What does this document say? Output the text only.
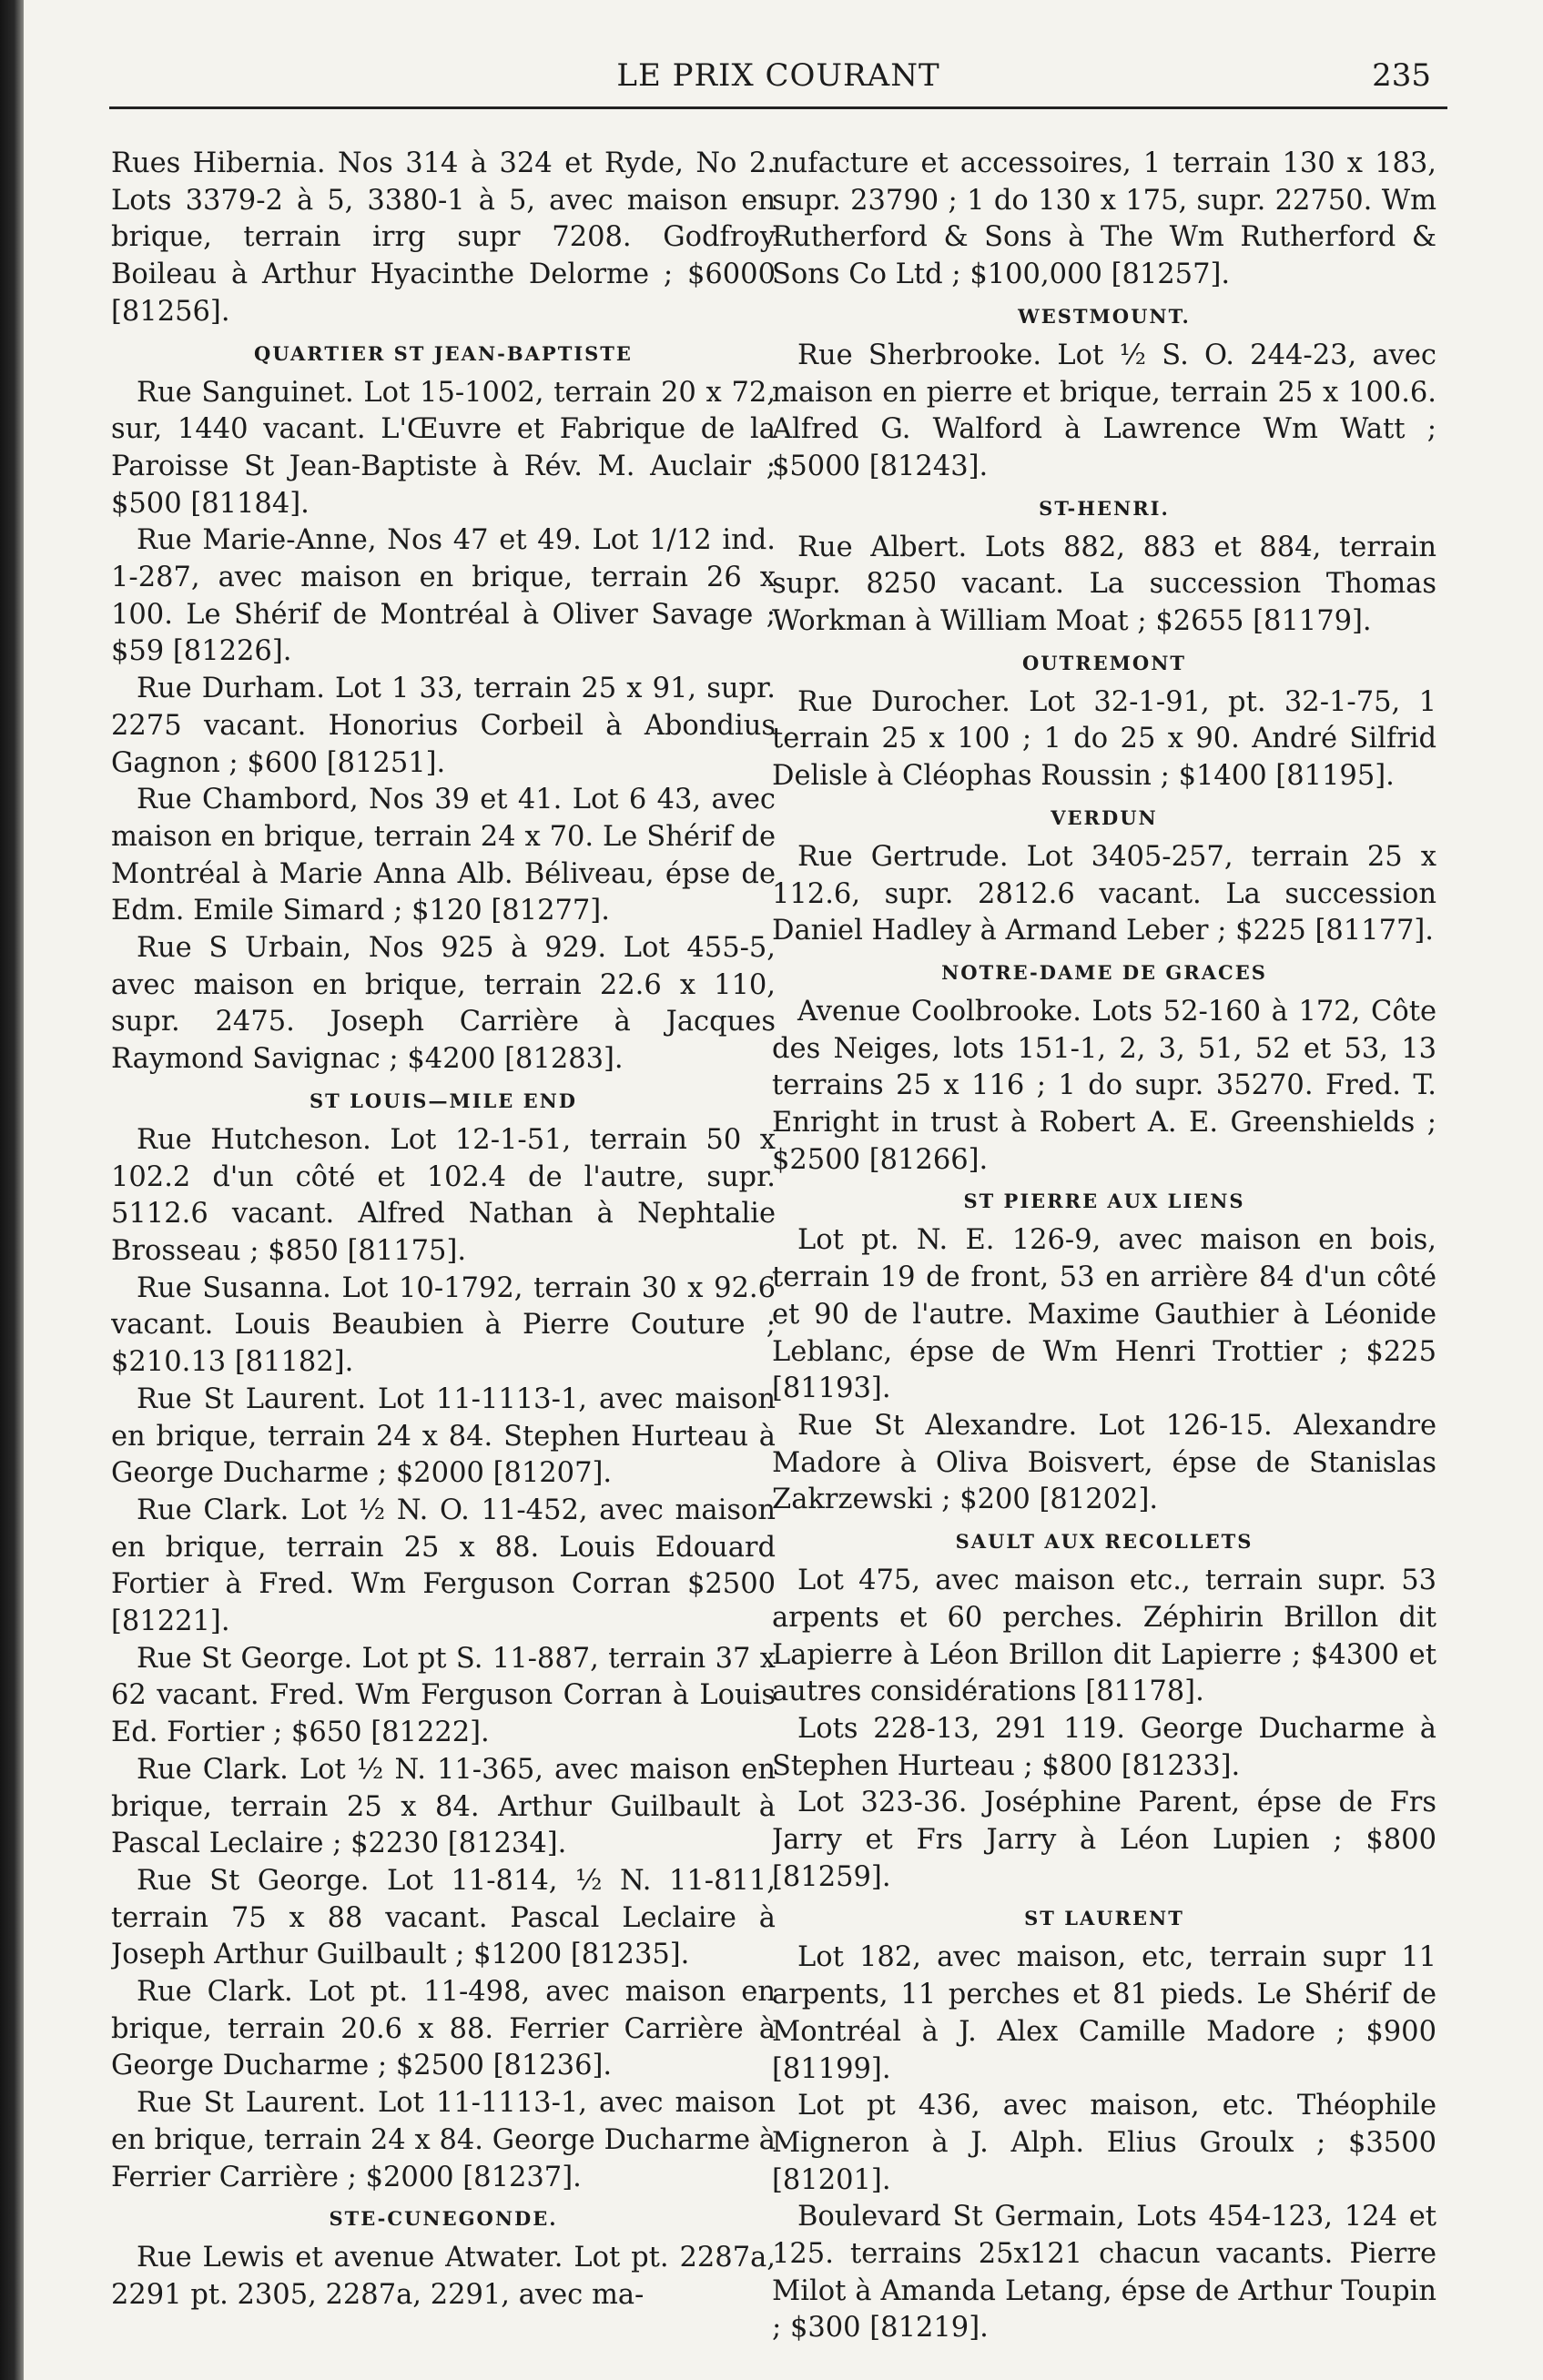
LE PRIX COURANT	235

Rues Hibernia. Nos 314 à 324 et Ryde, No 2. Lots 3379-2 à 5, 3380-1 à 5, avec maison en brique, terrain irrg supr 7208. Godfroy Boileau à Arthur Hyacinthe Delorme ; $6000 [81256].

QUARTIER ST JEAN-BAPTISTE

Rue Sanguinet. Lot 15-1002, terrain 20 x 72, sur, 1440 vacant. L'Œuvre et Fabrique de la Paroisse St Jean-Baptiste à Rév. M. Auclair ; $500 [81184].

Rue Marie-Anne, Nos 47 et 49. Lot 1/12 ind. 1-287, avec maison en brique, terrain 26 x 100. Le Shérif de Montréal à Oliver Savage ; $59 [81226].

Rue Durham. Lot 1 33, terrain 25 x 91, supr. 2275 vacant. Honorius Corbeil à Abondius Gagnon ; $600 [81251].

Rue Chambord, Nos 39 et 41. Lot 6 43, avec maison en brique, terrain 24 x 70. Le Shérif de Montréal à Marie Anna Alb. Béliveau, épse de Edm. Emile Simard ; $120 [81277].

Rue S Urbain, Nos 925 à 929. Lot 455-5, avec maison en brique, terrain 22.6 x 110, supr. 2475. Joseph Carrière à Jacques Raymond Savignac ; $4200 [81283].

ST LOUIS—MILE END

Rue Hutcheson. Lot 12-1-51, terrain 50 x 102.2 d'un côté et 102.4 de l'autre, supr. 5112.6 vacant. Alfred Nathan à Nephtalie Brosseau ; $850 [81175].

Rue Susanna. Lot 10-1792, terrain 30 x 92.6 vacant. Louis Beaubien à Pierre Couture ; $210.13 [81182].

Rue St Laurent. Lot 11-1113-1, avec maison en brique, terrain 24 x 84. Stephen Hurteau à George Ducharme ; $2000 [81207].

Rue Clark. Lot ½ N. O. 11-452, avec maison en brique, terrain 25 x 88. Louis Edouard Fortier à Fred. Wm Ferguson Corran $2500 [81221].

Rue St George. Lot pt S. 11-887, terrain 37 x 62 vacant. Fred. Wm Ferguson Corran à Louis Ed. Fortier ; $650 [81222].

Rue Clark. Lot ½ N. 11-365, avec maison en brique, terrain 25 x 84. Arthur Guilbault à Pascal Leclaire ; $2230 [81234].

Rue St George. Lot 11-814, ½ N. 11-811, terrain 75 x 88 vacant. Pascal Leclaire à Joseph Arthur Guilbault ; $1200 [81235].

Rue Clark. Lot pt. 11-498, avec maison en brique, terrain 20.6 x 88. Ferrier Carrière à George Ducharme ; $2500 [81236].

Rue St Laurent. Lot 11-1113-1, avec maison en brique, terrain 24 x 84. George Ducharme à Ferrier Carrière ; $2000 [81237].

STE-CUNEGONDE.

Rue Lewis et avenue Atwater. Lot pt. 2287a, 2291 pt. 2305, 2287a, 2291, avec ma-

nufacture et accessoires, 1 terrain 130 x 183, supr. 23790 ; 1 do 130 x 175, supr. 22750. Wm Rutherford & Sons à The Wm Rutherford & Sons Co Ltd ; $100,000 [81257].

WESTMOUNT.

Rue Sherbrooke. Lot ½ S. O. 244-23, avec maison en pierre et brique, terrain 25 x 100.6. Alfred G. Walford à Lawrence Wm Watt ; $5000 [81243].

ST-HENRI.

Rue Albert. Lots 882, 883 et 884, terrain supr. 8250 vacant. La succession Thomas Workman à William Moat ; $2655 [81179].

OUTREMONT

Rue Durocher. Lot 32-1-91, pt. 32-1-75, 1 terrain 25 x 100 ; 1 do 25 x 90. André Silfrid Delisle à Cléophas Roussin ; $1400 [81195].

VERDUN

Rue Gertrude. Lot 3405-257, terrain 25 x 112.6, supr. 2812.6 vacant. La succession Daniel Hadley à Armand Leber ; $225 [81177].

NOTRE-DAME DE GRACES

Avenue Coolbrooke. Lots 52-160 à 172, Côte des Neiges, lots 151-1, 2, 3, 51, 52 et 53, 13 terrains 25 x 116 ; 1 do supr. 35270. Fred. T. Enright in trust à Robert A. E. Greenshields ; $2500 [81266].

ST PIERRE AUX LIENS

Lot pt. N. E. 126-9, avec maison en bois, terrain 19 de front, 53 en arrière 84 d'un côté et 90 de l'autre. Maxime Gauthier à Léonide Leblanc, épse de Wm Henri Trottier ; $225 [81193].

Rue St Alexandre. Lot 126-15. Alexandre Madore à Oliva Boisvert, épse de Stanislas Zakrzewski ; $200 [81202].

SAULT AUX RECOLLETS

Lot 475, avec maison etc., terrain supr. 53 arpents et 60 perches. Zéphirin Brillon dit Lapierre à Léon Brillon dit Lapierre ; $4300 et autres considérations [81178].

Lots 228-13, 291 119. George Ducharme à Stephen Hurteau ; $800 [81233].

Lot 323-36. Joséphine Parent, épse de Frs Jarry et Frs Jarry à Léon Lupien ; $800 [81259].

ST LAURENT

Lot 182, avec maison, etc, terrain supr 11 arpents, 11 perches et 81 pieds. Le Shérif de Montréal à J. Alex Camille Madore ; $900 [81199].

Lot pt 436, avec maison, etc. Théophile Migneron à J. Alph. Elius Groulx ; $3500 [81201].

Boulevard St Germain, Lots 454-123, 124 et 125. terrains 25x121 chacun vacants. Pierre Milot à Amanda Letang, épse de Arthur Toupin ; $300 [81219].
